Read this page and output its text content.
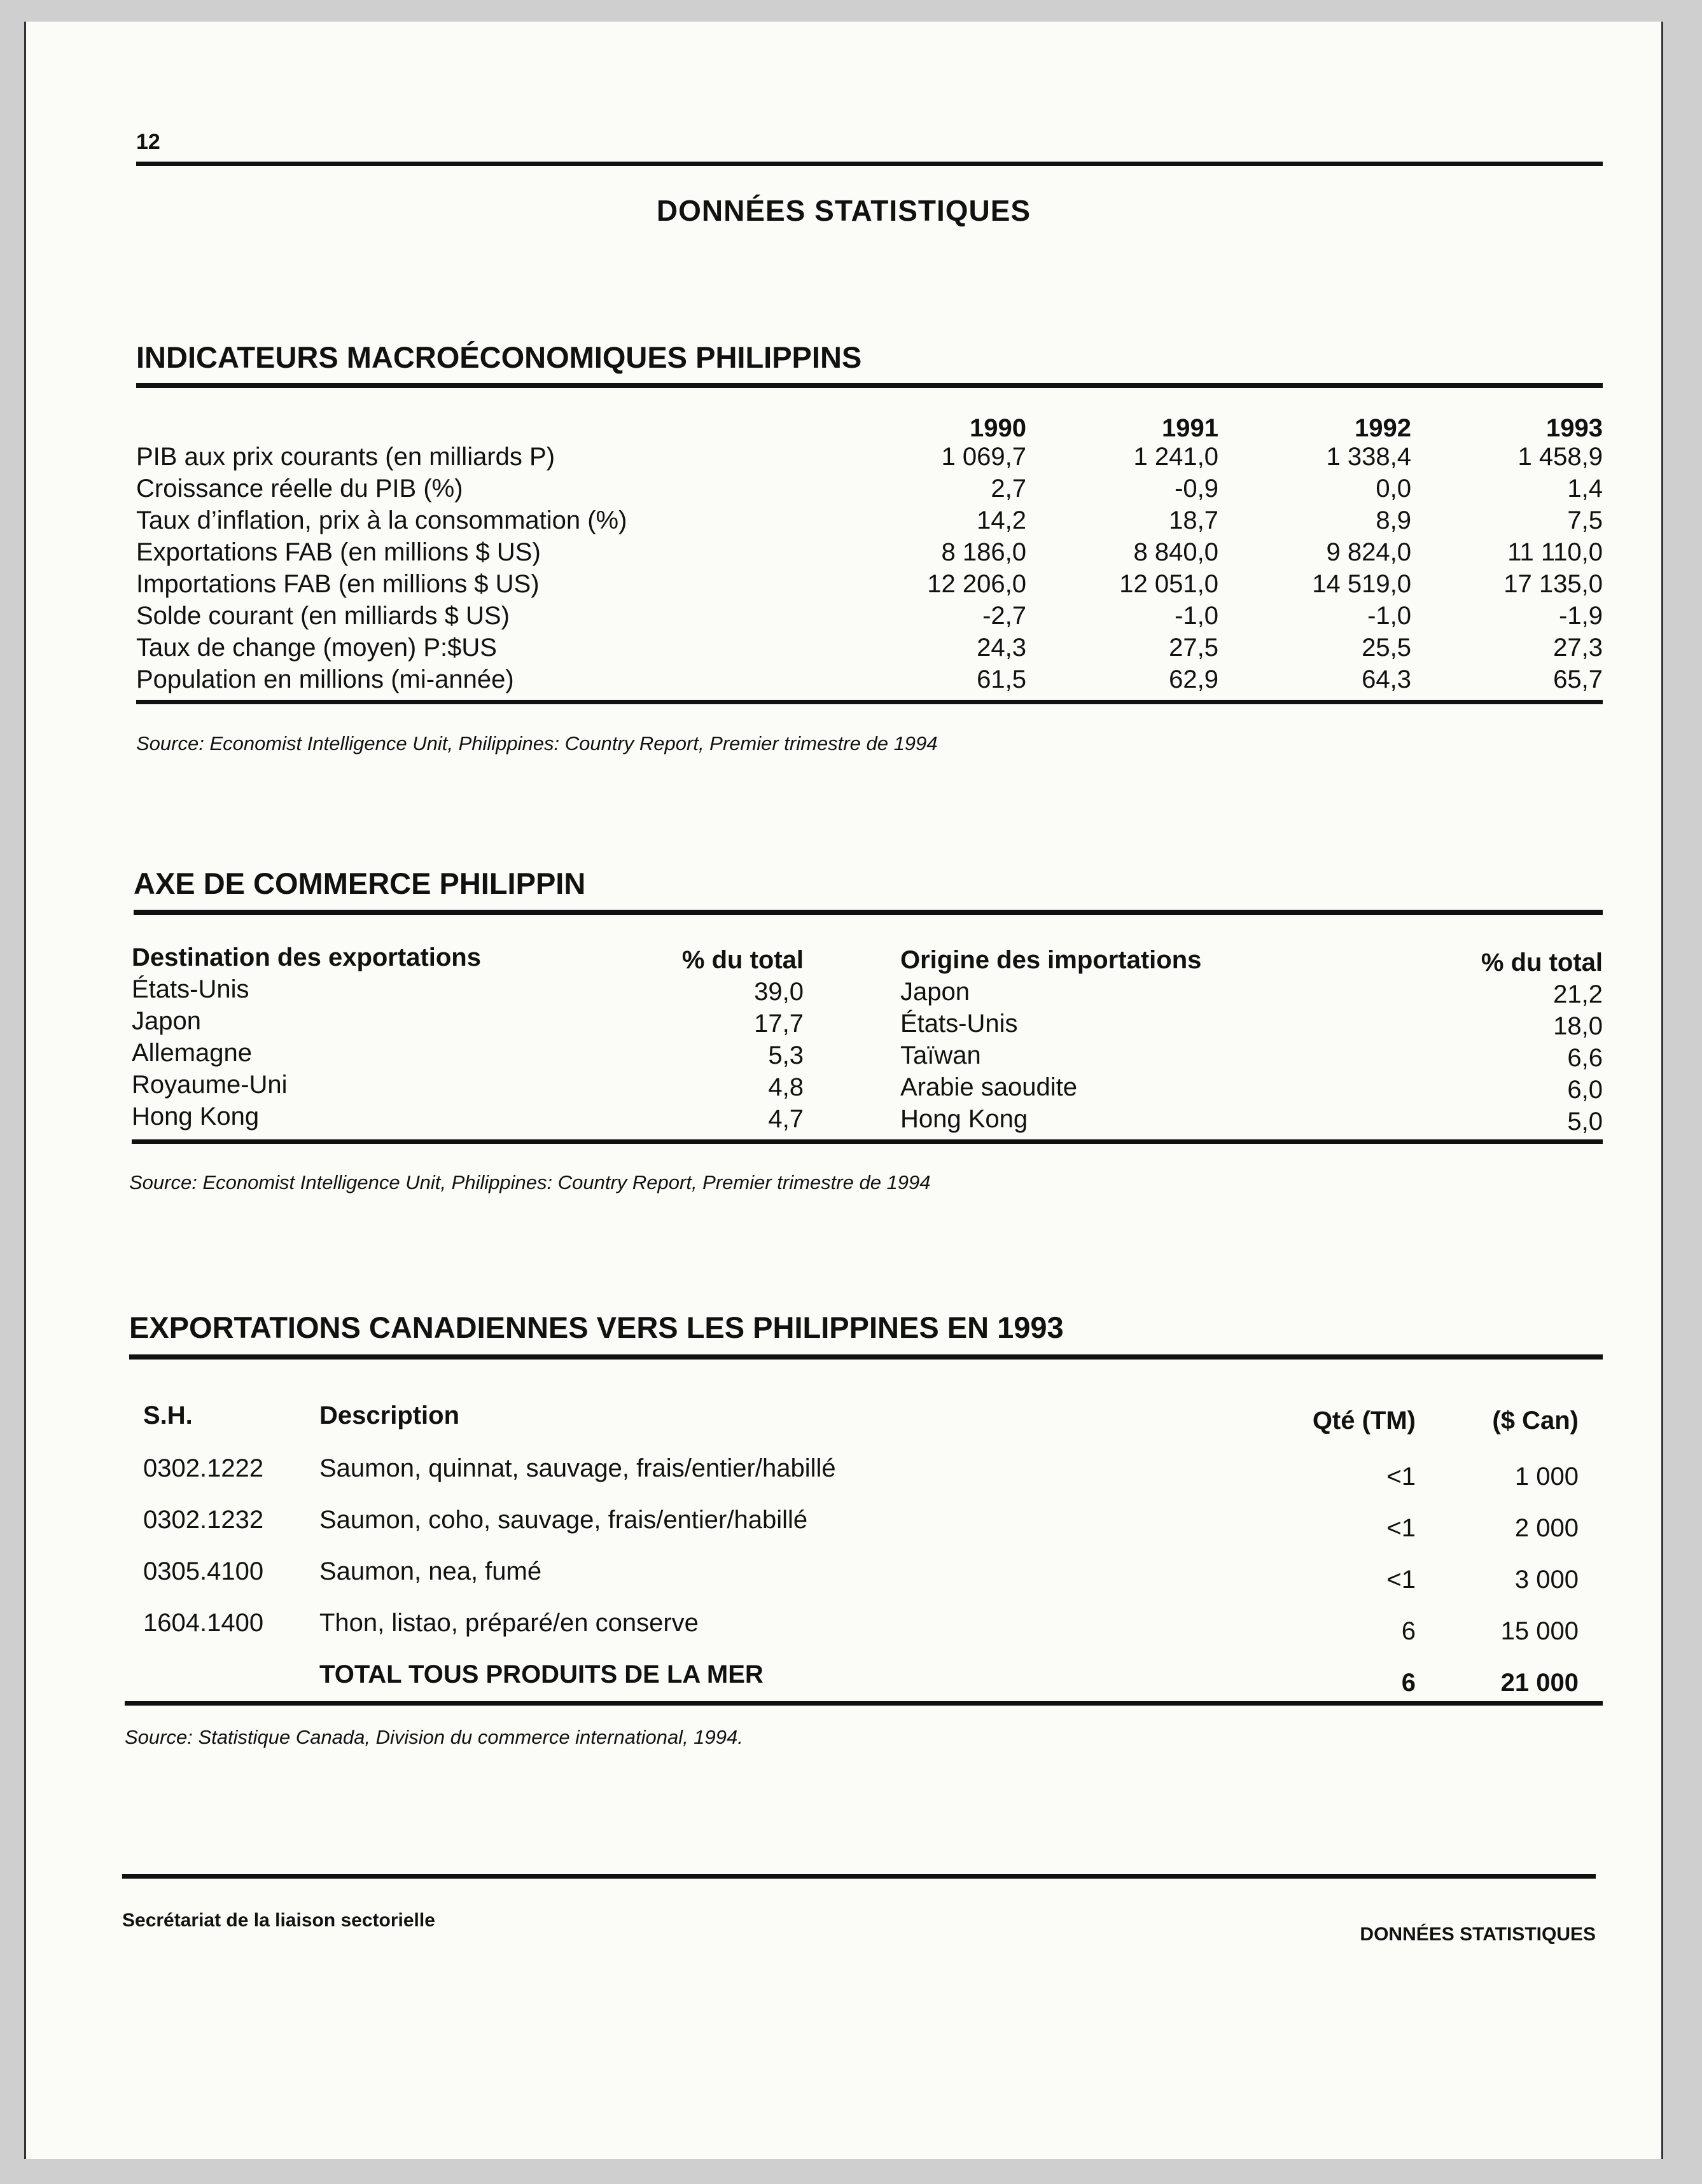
12
DONNÉES STATISTIQUES
INDICATEURS MACROÉCONOMIQUES PHILIPPINS
1990	1991	1992	1993
PIB aux prix courants (en milliards P)	1 069,7	1 241,0	1 338,4	1 458,9
Croissance réelle du PIB (%)	2,7	-0,9	0,0	1,4
Taux d’inflation, prix à la consommation (%)	14,2	18,7	8,9	7,5
Exportations FAB (en millions $ US)	8 186,0	8 840,0	9 824,0	11 110,0
Importations FAB (en millions $ US)	12 206,0	12 051,0	14 519,0	17 135,0
Solde courant (en milliards $ US)	-2,7	-1,0	-1,0	-1,9
Taux de change (moyen) P:$US	24,3	27,5	25,5	27,3
Population en millions (mi-année)	61,5	62,9	64,3	65,7
Source: Economist Intelligence Unit, Philippines: Country Report, Premier trimestre de 1994
AXE DE COMMERCE PHILIPPIN
Destination des exportations	% du total	Origine des importations	% du total
États-Unis	39,0	Japon	21,2
Japon	17,7	États-Unis	18,0
Allemagne	5,3	Taïwan	6,6
Royaume-Uni	4,8	Arabie saoudite	6,0
Hong Kong	4,7	Hong Kong	5,0
Source: Economist Intelligence Unit, Philippines: Country Report, Premier trimestre de 1994
EXPORTATIONS CANADIENNES VERS LES PHILIPPINES EN 1993
S.H.	Description	Qté (TM)	($ Can)
0302.1222 Saumon, quinnat, sauvage, frais/entier/habillé	<1	1 000
0302.1232 Saumon, coho, sauvage, frais/entier/habillé	<1	2 000
0305.4100 Saumon, nea, fumé	<1	3 000
1604.1400 Thon, listao, préparé/en conserve	6	15 000
TOTAL TOUS PRODUITS DE LA MER	6	21 000
Source: Statistique Canada, Division du commerce international, 1994.
Secrétariat de la liaison sectorielle
DONNÉES STATISTIQUES
